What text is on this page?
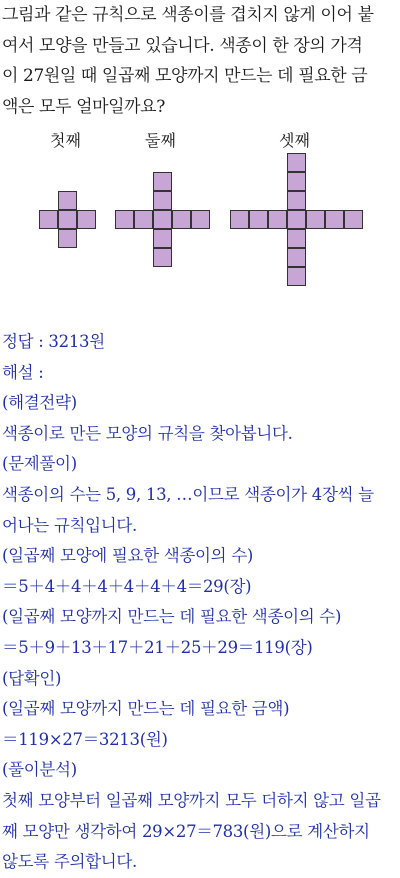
그림과 같은 규칙으로 색종이를 겹치지 않게 이어 붙

여서 모양을 만들고 있습니다. 색종이 한 장의 가격

이 27원일 때 일곱째 모양까지 만드는 데 필요한 금

액은 모두 얼마일까요?

첫째	둘째	셋째

정답 : 3213원

해설 :

(해결전략)

색종이로 만든 모양의 규칙을 찾아봅니다.

(문제풀이)

색종이의 수는 5, 9, 13, …이므로 색종이가 4장씩 늘

어나는 규칙입니다.

(일곱째 모양에 필요한 색종이의 수)

＝5＋4＋4＋4＋4＋4＋4＝29(장)

(일곱째 모양까지 만드는 데 필요한 색종이의 수)

＝5＋9＋13＋17＋21＋25＋29＝119(장)

(답확인)

(일곱째 모양까지 만드는 데 필요한 금액)

＝119×27＝3213(원)

(풀이분석)

첫째 모양부터 일곱째 모양까지 모두 더하지 않고 일곱

째 모양만 생각하여 29×27＝783(원)으로 계산하지

않도록 주의합니다.
